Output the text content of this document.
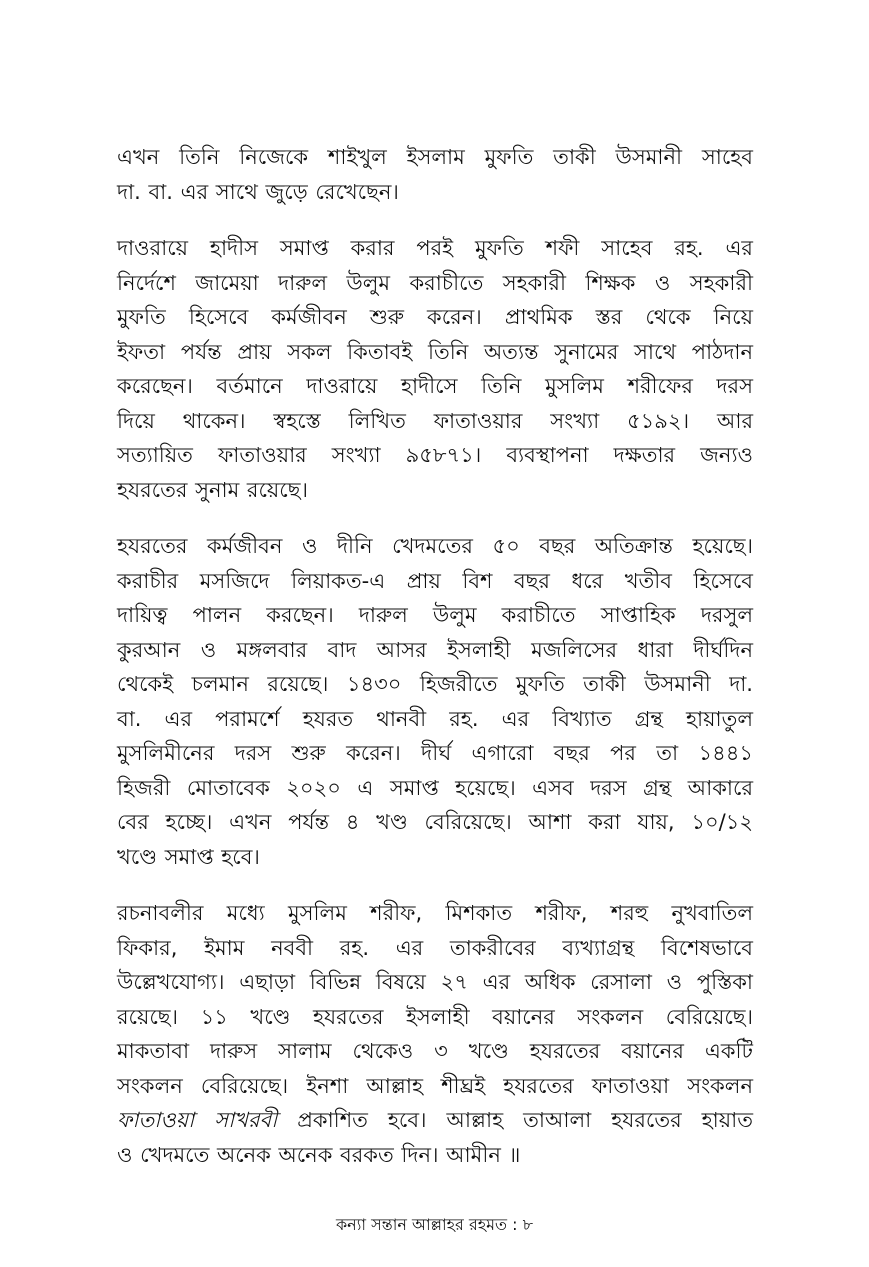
এখন তিনি নিজেকে শাইখুল ইসলাম মুফতি তাকী উসমানী সাহেব
দা. বা. এর সাথে জুড়ে রেখেছেন।

দাওরায়ে হাদীস সমাপ্ত করার পরই মুফতি শফী সাহেব রহ. এর
নির্দেশে জামেয়া দারুল উলুম করাচীতে সহকারী শিক্ষক ও সহকারী
মুফতি হিসেবে কর্মজীবন শুরু করেন। প্রাথমিক স্তর থেকে নিয়ে
ইফতা পর্যন্ত প্রায় সকল কিতাবই তিনি অত্যন্ত সুনামের সাথে পাঠদান
করেছেন। বর্তমানে দাওরায়ে হাদীসে তিনি মুসলিম শরীফের দরস
দিয়ে থাকেন। স্বহস্তে লিখিত ফাতাওয়ার সংখ্যা ৫১৯২। আর
সত্যায়িত ফাতাওয়ার সংখ্যা ৯৫৮৭১। ব্যবস্থাপনা দক্ষতার জন্যও
হযরতের সুনাম রয়েছে।

হযরতের কর্মজীবন ও দীনি খেদমতের ৫০ বছর অতিক্রান্ত হয়েছে।
করাচীর মসজিদে লিয়াকত-এ প্রায় বিশ বছর ধরে খতীব হিসেবে
দায়িত্ব পালন করছেন। দারুল উলুম করাচীতে সাপ্তাহিক দরসুল
কুরআন ও মঙ্গলবার বাদ আসর ইসলাহী মজলিসের ধারা দীর্ঘদিন
থেকেই চলমান রয়েছে। ১৪৩০ হিজরীতে মুফতি তাকী উসমানী দা.
বা. এর পরামর্শে হযরত থানবী রহ. এর বিখ্যাত গ্রন্থ হায়াতুল
মুসলিমীনের দরস শুরু করেন। দীর্ঘ এগারো বছর পর তা ১৪৪১
হিজরী মোতাবেক ২০২০ এ সমাপ্ত হয়েছে। এসব দরস গ্রন্থ আকারে
বের হচ্ছে। এখন পর্যন্ত ৪ খণ্ড বেরিয়েছে। আশা করা যায়, ১০/১২
খণ্ডে সমাপ্ত হবে।

রচনাবলীর মধ্যে মুসলিম শরীফ, মিশকাত শরীফ, শরহু নুখবাতিল
ফিকার, ইমাম নববী রহ. এর তাকরীবের ব্যখ্যাগ্রন্থ বিশেষভাবে
উল্লেখযোগ্য। এছাড়া বিভিন্ন বিষয়ে ২৭ এর অধিক রেসালা ও পুস্তিকা
রয়েছে। ১১ খণ্ডে হযরতের ইসলাহী বয়ানের সংকলন বেরিয়েছে।
মাকতাবা দারুস সালাম থেকেও ৩ খণ্ডে হযরতের বয়ানের একটি
সংকলন বেরিয়েছে। ইনশা আল্লাহ শীঘ্রই হযরতের ফাতাওয়া সংকলন
ফাতাওয়া সাখরবী প্রকাশিত হবে। আল্লাহ তাআলা হযরতের হায়াত
ও খেদমতে অনেক অনেক বরকত দিন। আমীন ॥

কন্যা সন্তান আল্লাহর রহমত : ৮
